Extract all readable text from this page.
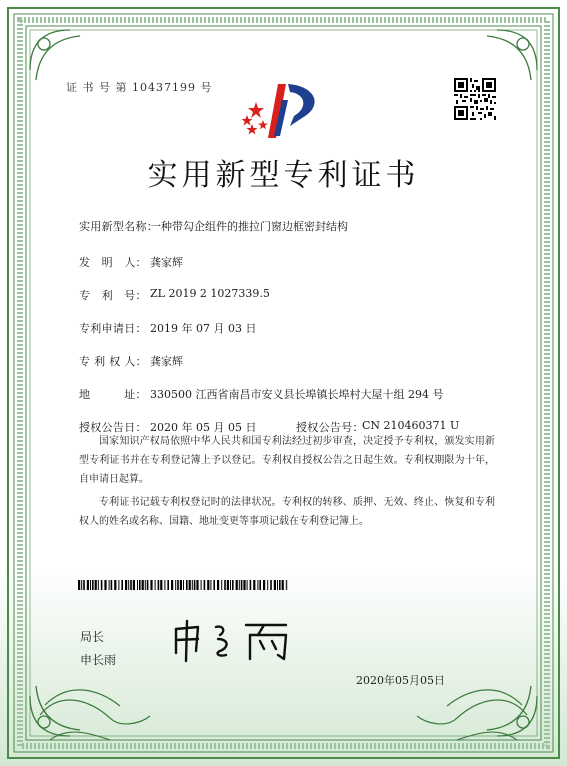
证 书 号 第 10437199 号
实用新型专利证书
实用新型名称：
一种带勾企组件的推拉门窗边框密封结构
发　明　人： 龚家辉
专　利　号： ZL 2019 2 1027339.5
专利申请日： 2019 年 07 月 03 日
专 利 权 人： 龚家辉
地　　　址： 330500 江西省南昌市安义县长埠镇长埠村大屋十组 294 号
授权公告日： 2020 年 05 月 05 日	授权公告号：
CN 210460371 U

国家知识产权局依照中华人民共和国专利法经过初步审查，决定授予专利权，颁发实用新型专利证书并在专利登记簿上予以登记。专利权自授权公告之日起生效。专利权期限为十年，自申请日起算。

专利证书记载专利权登记时的法律状况。专利权的转移、质押、无效、终止、恢复和专利权人的姓名或名称、国籍、地址变更等事项记载在专利登记簿上。

局长
申长雨
2020年05月05日
